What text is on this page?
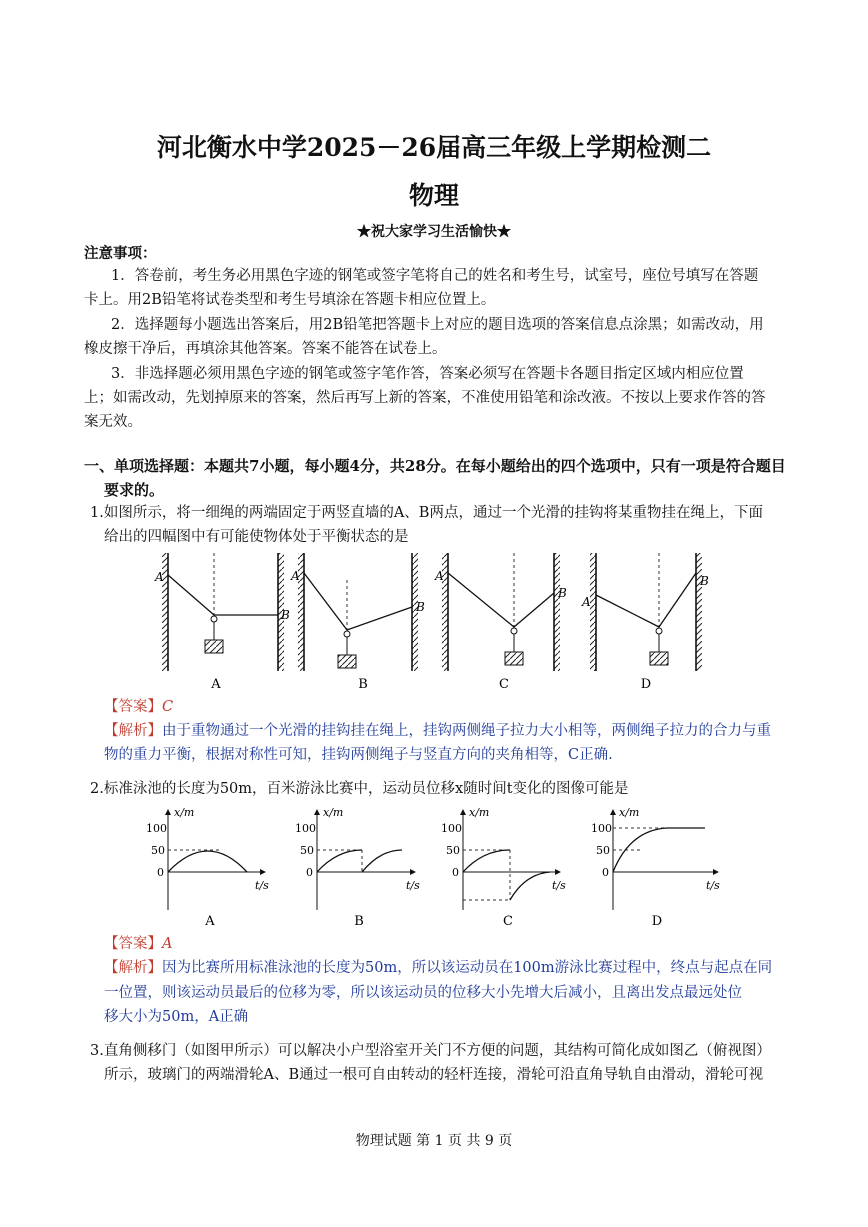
河北衡水中学2025－26届高三年级上学期检测二
物理
★祝大家学习生活愉快★
注意事项：
1．答卷前，考生务必用黑色字迹的钢笔或签字笔将自己的姓名和考生号，试室号，座位号填写在答题
卡上。用2B铅笔将试卷类型和考生号填涂在答题卡相应位置上。
2．选择题每小题选出答案后，用2B铅笔把答题卡上对应的题目选项的答案信息点涂黑；如需改动，用
橡皮擦干净后，再填涂其他答案。答案不能答在试卷上。
3．非选择题必须用黑色字迹的钢笔或签字笔作答，答案必须写在答题卡各题目指定区域内相应位置
上；如需改动，先划掉原来的答案，然后再写上新的答案，不准使用铅笔和涂改液。不按以上要求作答的答
案无效。
一、单项选择题：本题共7小题，每小题4分，共28分。在每小题给出的四个选项中，只有一项是符合题目
要求的。
1.如图所示，将一细绳的两端固定于两竖直墙的A、B两点，通过一个光滑的挂钩将某重物挂在绳上，下面
给出的四幅图中有可能使物体处于平衡状态的是
A
B
A
A
B
B
A
B
C
A
B
D
【答案】C
【解析】由于重物通过一个光滑的挂钩挂在绳上，挂钩两侧绳子拉力大小相等，两侧绳子拉力的合力与重
物的重力平衡，根据对称性可知，挂钩两侧绳子与竖直方向的夹角相等，C正确.
2.标准泳池的长度为50m，百米游泳比赛中，运动员位移x随时间t变化的图像可能是
x/m
100
50
0
t/s
A
x/m
100
50
0
t/s
B
x/m
100
50
0
t/s
C
x/m
100
50
0
t/s
D
【答案】A
【解析】因为比赛所用标准泳池的长度为50m，所以该运动员在100m游泳比赛过程中，终点与起点在同
一位置，则该运动员最后的位移为零，所以该运动员的位移大小先增大后减小，且离出发点最远处位
移大小为50m，A正确
3.直角侧移门（如图甲所示）可以解决小户型浴室开关门不方便的问题，其结构可简化成如图乙（俯视图）
所示，玻璃门的两端滑轮A、B通过一根可自由转动的轻杆连接，滑轮可沿直角导轨自由滑动，滑轮可视
物理试题 第 1 页 共 9 页
